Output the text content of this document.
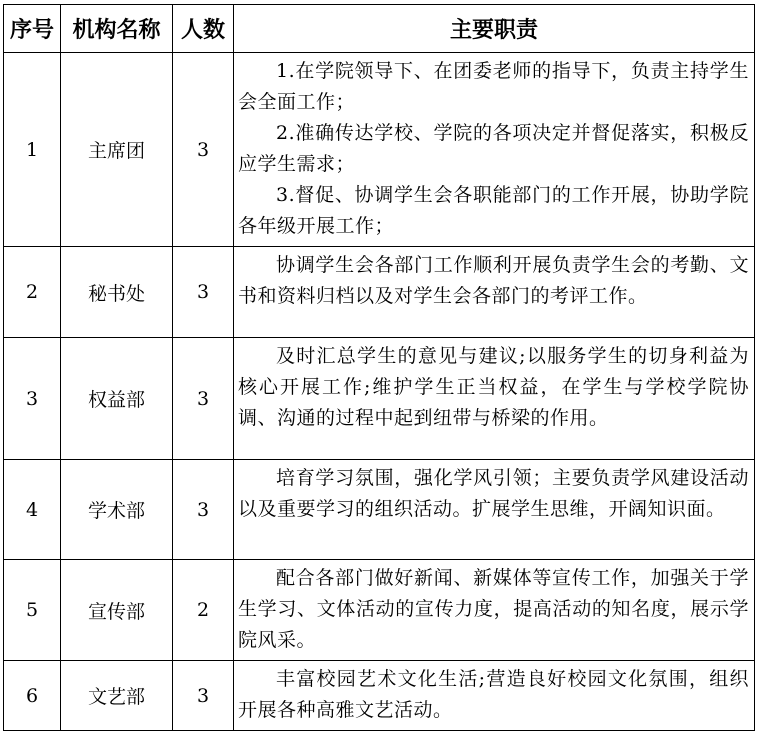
序号	机构名称	人数	主要职责
1	主席团	3	1.在学院领导下、在团委老师的指导下，负责主持学生会全面工作；
2.准确传达学校、学院的各项决定并督促落实，积极反应学生需求；
3.督促、协调学生会各职能部门的工作开展，协助学院各年级开展工作；

2	秘书处	3	协调学生会各部门工作顺利开展负责学生会的考勤、文书和资料归档以及对学生会各部门的考评工作。

3	权益部	3	及时汇总学生的意见与建议;以服务学生的切身利益为核心开展工作;维护学生正当权益，在学生与学校学院协调、沟通的过程中起到纽带与桥梁的作用。

4	学术部	3	培育学习氛围，强化学风引领；主要负责学风建设活动以及重要学习的组织活动。扩展学生思维，开阔知识面。

5	宣传部	2	配合各部门做好新闻、新媒体等宣传工作，加强关于学生学习、文体活动的宣传力度，提高活动的知名度，展示学院风采。

6	文艺部	3	丰富校园艺术文化生活;营造良好校园文化氛围，组织开展各种高雅文艺活动。
